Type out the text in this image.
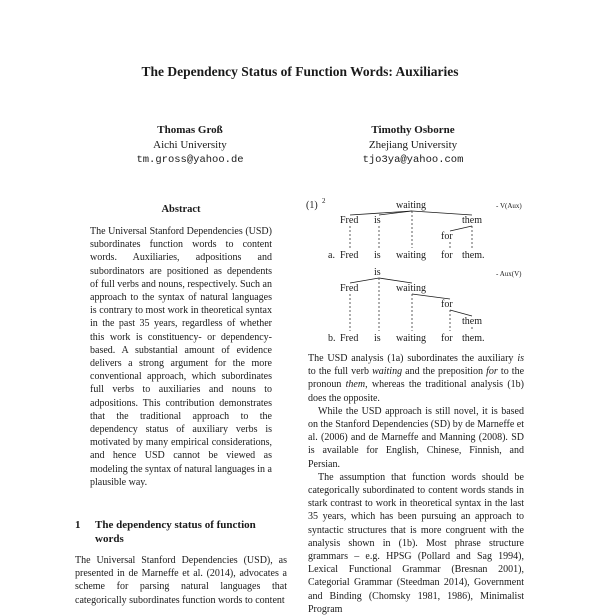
The Dependency Status of Function Words: Auxiliaries
Thomas Groß
Aichi University
tm.gross@yahoo.de
Timothy Osborne
Zhejiang University
tjo3ya@yahoo.com
Abstract

The Universal Stanford Dependencies (USD) subordinates function words to content words. Auxiliaries, adpositions and subordinators are positioned as dependents of full verbs and nouns, respectively. Such an approach to the syntax of natural languages is contrary to most work in theoretical syntax in the past 35 years, regardless of whether this work is constituency- or dependency-based. A substantial amount of evidence delivers a strong argument for the more conventional approach, which subordinates full verbs to auxiliaries and nouns to adpositions. This contribution demonstrates that the traditional approach to the dependency status of auxiliary verbs is motivated by many empirical considerations, and hence USD cannot be viewed as modeling the syntax of natural languages in a plausible way.

1 The dependency status of function words

The Universal Stanford Dependencies (USD), as presented in de Marneffe et al. (2014), advocates a scheme for parsing natural languages that categorically subordinates function words to content

(1) 2
- V(Aux)
waiting
Fred is	them
for
a. Fred is waiting for them.
- Aux(V)
is
Fred	waiting
for
them
b. Fred is waiting for them.

The USD analysis (1a) subordinates the auxiliary is to the full verb waiting and the preposition for to the pronoun them, whereas the traditional analysis (1b) does the opposite.

While the USD approach is still novel, it is based on the Stanford Dependencies (SD) by de Marneffe et al. (2006) and de Marneffe and Manning (2008). SD is available for English, Chinese, Finnish, and Persian.

The assumption that function words should be categorically subordinated to content words stands in stark contrast to work in theoretical syntax in the last 35 years, which has been pursuing an approach to syntactic structures that is more congruent with the analysis shown in (1b). Most phrase structure grammars – e.g. HPSG (Pollard and Sag 1994), Lexical Functional Grammar (Bresnan 2001), Categorial Grammar (Steedman 2014), Government and Binding (Chomsky 1981, 1986), Minimalist Program
